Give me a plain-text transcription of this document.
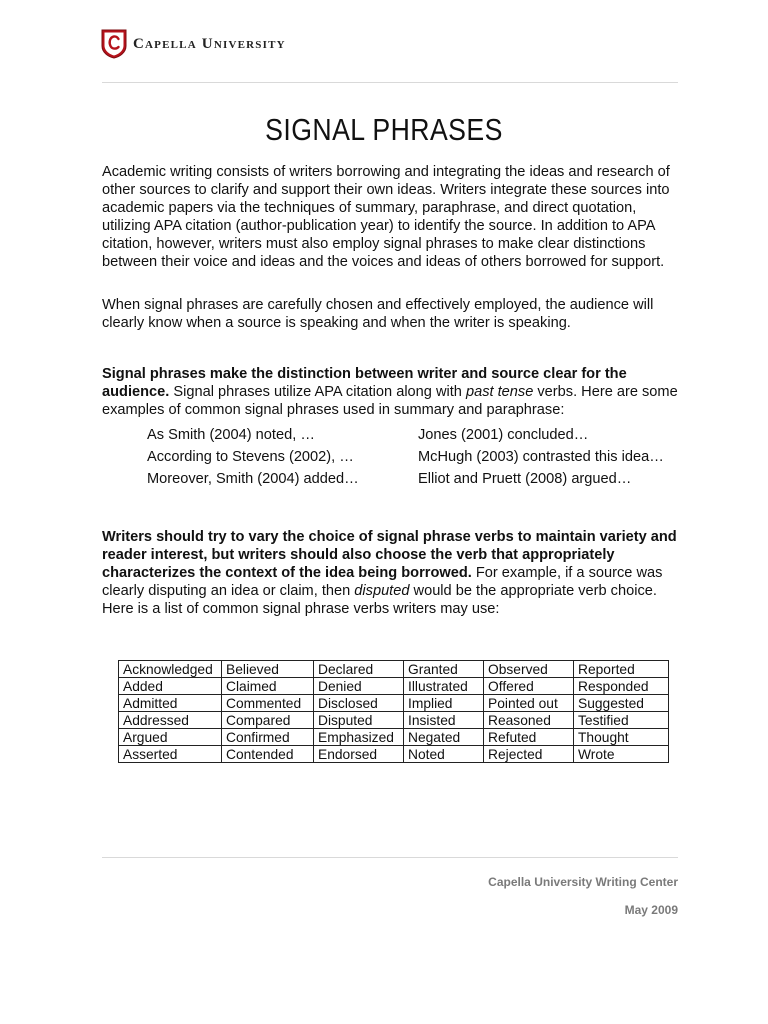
Capella University
SIGNAL PHRASES

Academic writing consists of writers borrowing and integrating the ideas and research of other sources to clarify and support their own ideas. Writers integrate these sources into academic papers via the techniques of summary, paraphrase, and direct quotation, utilizing APA citation (author-publication year) to identify the source. In addition to APA citation, however, writers must also employ signal phrases to make clear distinctions between their voice and ideas and the voices and ideas of others borrowed for support.

When signal phrases are carefully chosen and effectively employed, the audience will clearly know when a source is speaking and when the writer is speaking.

Signal phrases make the distinction between writer and source clear for the audience. Signal phrases utilize APA citation along with past tense verbs. Here are some examples of common signal phrases used in summary and paraphrase:

As Smith (2004) noted, …	Jones (2001) concluded…
According to Stevens (2002), …	McHugh (2003) contrasted this idea…
Moreover, Smith (2004) added…	Elliot and Pruett (2008) argued…

Writers should try to vary the choice of signal phrase verbs to maintain variety and reader interest, but writers should also choose the verb that appropriately characterizes the context of the idea being borrowed. For example, if a source was clearly disputing an idea or claim, then disputed would be the appropriate verb choice. Here is a list of common signal phrase verbs writers may use:

Acknowledged	Believed	Declared	Granted	Observed	Reported
Added	Claimed	Denied	Illustrated	Offered	Responded
Admitted	Commented	Disclosed	Implied	Pointed out	Suggested
Addressed	Compared	Disputed	Insisted	Reasoned	Testified
Argued	Confirmed	Emphasized	Negated	Refuted	Thought
Asserted	Contended	Endorsed	Noted	Rejected	Wrote
Capella University Writing Center
May 2009
